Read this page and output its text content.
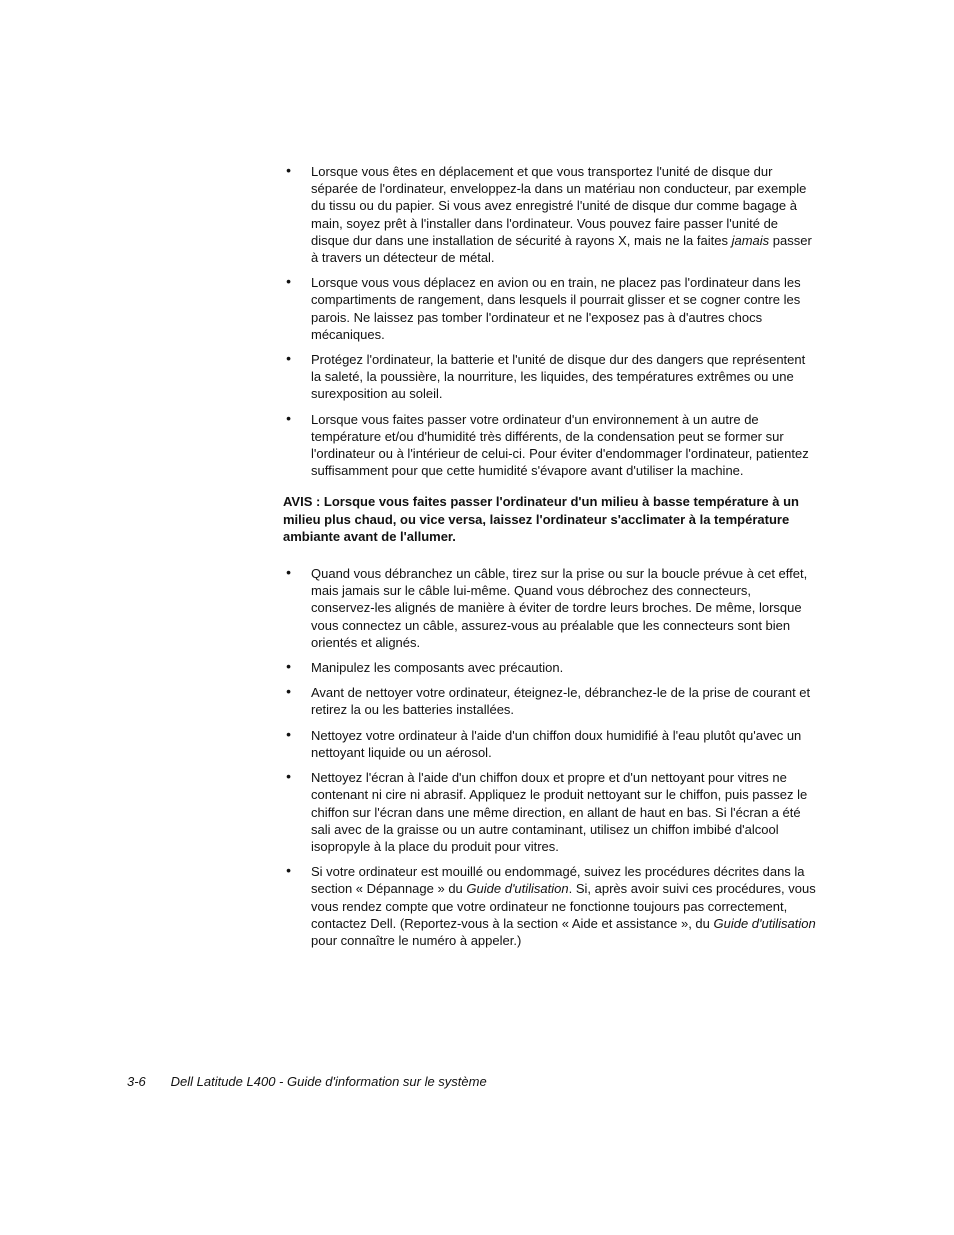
• Lorsque vous êtes en déplacement et que vous transportez l'unité de disque dur séparée de l'ordinateur, enveloppez-la dans un matériau non conducteur, par exemple du tissu ou du papier. Si vous avez enregistré l'unité de disque dur comme bagage à main, soyez prêt à l'installer dans l'ordinateur. Vous pouvez faire passer l'unité de disque dur dans une installation de sécurité à rayons X, mais ne la faites jamais passer à travers un détecteur de métal.
• Lorsque vous vous déplacez en avion ou en train, ne placez pas l'ordinateur dans les compartiments de rangement, dans lesquels il pourrait glisser et se cogner contre les parois. Ne laissez pas tomber l'ordinateur et ne l'exposez pas à d'autres chocs mécaniques.
• Protégez l'ordinateur, la batterie et l'unité de disque dur des dangers que représentent la saleté, la poussière, la nourriture, les liquides, des températures extrêmes ou une surexposition au soleil.
• Lorsque vous faites passer votre ordinateur d'un environnement à un autre de température et/ou d'humidité très différents, de la condensation peut se former sur l'ordinateur ou à l'intérieur de celui-ci. Pour éviter d'endommager l'ordinateur, patientez suffisamment pour que cette humidité s'évapore avant d'utiliser la machine.

AVIS : Lorsque vous faites passer l'ordinateur d'un milieu à basse température à un milieu plus chaud, ou vice versa, laissez l'ordinateur s'acclimater à la température ambiante avant de l'allumer.

• Quand vous débranchez un câble, tirez sur la prise ou sur la boucle prévue à cet effet, mais jamais sur le câble lui-même. Quand vous débrochez des connecteurs, conservez-les alignés de manière à éviter de tordre leurs broches. De même, lorsque vous connectez un câble, assurez-vous au préalable que les connecteurs sont bien orientés et alignés.
• Manipulez les composants avec précaution.
• Avant de nettoyer votre ordinateur, éteignez-le, débranchez-le de la prise de courant et retirez la ou les batteries installées.
• Nettoyez votre ordinateur à l'aide d'un chiffon doux humidifié à l'eau plutôt qu'avec un nettoyant liquide ou un aérosol.
• Nettoyez l'écran à l'aide d'un chiffon doux et propre et d'un nettoyant pour vitres ne contenant ni cire ni abrasif. Appliquez le produit nettoyant sur le chiffon, puis passez le chiffon sur l'écran dans une même direction, en allant de haut en bas. Si l'écran a été sali avec de la graisse ou un autre contaminant, utilisez un chiffon imbibé d'alcool isopropyle à la place du produit pour vitres.
• Si votre ordinateur est mouillé ou endommagé, suivez les procédures décrites dans la section « Dépannage » du Guide d'utilisation. Si, après avoir suivi ces procédures, vous vous rendez compte que votre ordinateur ne fonctionne toujours pas correctement, contactez Dell. (Reportez-vous à la section « Aide et assistance », du Guide d'utilisation pour connaître le numéro à appeler.)
3-6 Dell Latitude L400 - Guide d'information sur le système
